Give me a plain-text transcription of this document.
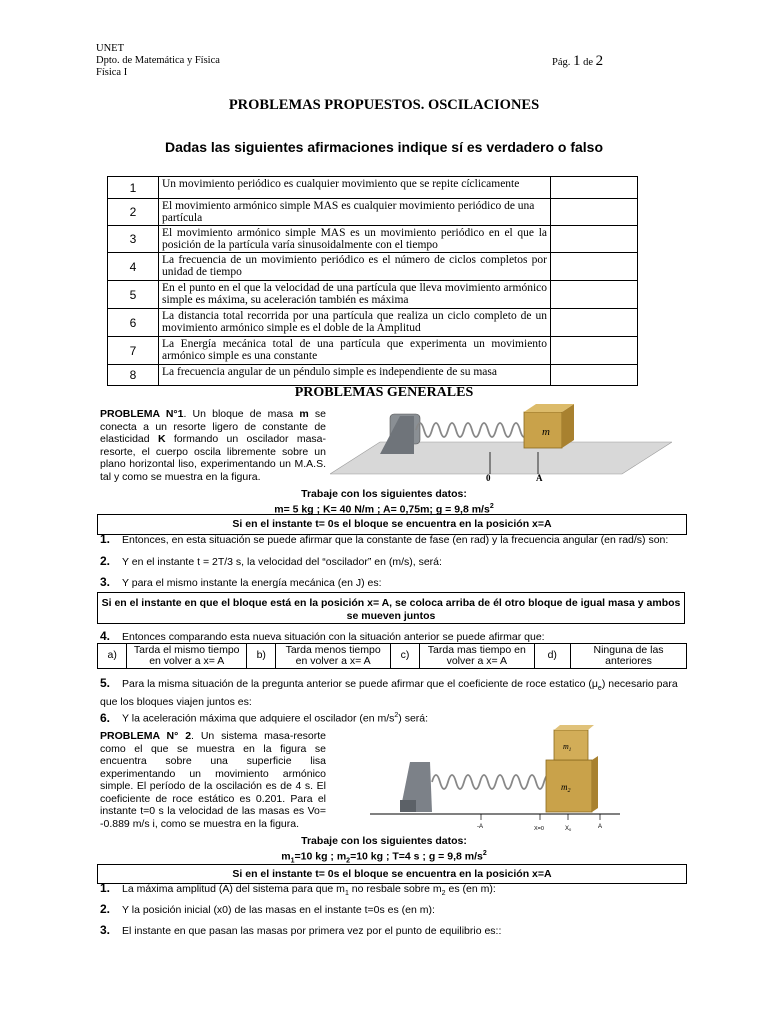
UNET
Dpto. de Matemática y Física
Física I
Pág. 1 de 2
PROBLEMAS PROPUESTOS. OSCILACIONES
Dadas las siguientes afirmaciones indique sí es verdadero o falso
1	Un movimiento periódico es cualquier movimiento que se repite cíclicamente	
2	El movimiento armónico simple MAS es cualquier movimiento periódico de una partícula	
3	El movimiento armónico simple MAS es un movimiento periódico en el que la posición de la partícula varía sinusoidalmente con el tiempo	
4	La frecuencia de un movimiento periódico es el número de ciclos completos por unidad de tiempo	
5	En el punto en el que la velocidad de una partícula que lleva movimiento armónico simple es máxima, su aceleración también es máxima	
6	La distancia total recorrida por una partícula que realiza un ciclo completo de un movimiento armónico simple es el doble de la Amplitud	
7	La Energía mecánica total de una partícula que experimenta un movimiento armónico simple es una constante	
8	La frecuencia angular de un péndulo simple es independiente de su masa	
PROBLEMAS GENERALES
PROBLEMA N°1. Un bloque de masa m se conecta a un resorte ligero de constante de elasticidad K formando un oscilador masa-resorte, el cuerpo oscila libremente sobre un plano horizontal liso, experimentando un M.A.S. tal y como se muestra en la figura.
m
0	A
Trabaje con los siguientes datos:
m= 5 kg ; K= 40 N/m ; A= 0,75m; g = 9,8 $m/s^2$
Si en el instante t= 0s el bloque se encuentra en la posición x=A
1. Entonces, en esta situación se puede afirmar que la constante de fase (en rad) y la frecuencia angular (en rad/s) son:
2. Y en el instante t = 2T/3 s, la velocidad del “oscilador” en (m/s), será:
3. Y para el mismo instante la energía mecánica (en J) es:
Si en el instante en que el bloque está en la posición x= A, se coloca arriba de él otro bloque de igual masa y ambos se mueven juntos
4. Entonces comparando esta nueva situación con la situación anterior se puede afirmar que:
a)	Tarda el mismo tiempo en volver a x= A	b)	Tarda menos tiempo en volver a x= A	c)	Tarda mas tiempo en volver a x= A	d)	Ninguna de las anteriores
5. Para la misma situación de la pregunta anterior se puede afirmar que el coeficiente de roce estatico $(\mu_e)$ necesario para que los bloques viajen juntos es:
6. Y la aceleración máxima que adquiere el oscilador (en $m/s^2$) será:
PROBLEMA N° 2. Un sistema masa-resorte como el que se muestra en la figura se encuentra sobre una superficie lisa experimentando un movimiento armónico simple. El período de la oscilación es de 4 s. El coeficiente de roce estático es 0.201. Para el instante t=0 s la velocidad de las masas es Vo= -0.889 m/s i, como se muestra en la figura.
$m_1$
$m_2$
-A	X=0	X0	A
Trabaje con los siguientes datos:
$m_1=10$ kg ; $m_2=10$ kg ; T=4 s ; g = 9,8 $m/s^2$
Si en el instante t= 0s el bloque se encuentra en la posición x=A
1. La máxima amplitud (A) del sistema para que $m_1$ no resbale sobre $m_2$ es (en m):
2. Y la posición inicial (x0) de las masas en el instante t=0s es (en m):
3. El instante en que pasan las masas por primera vez por el punto de equilibrio es::
